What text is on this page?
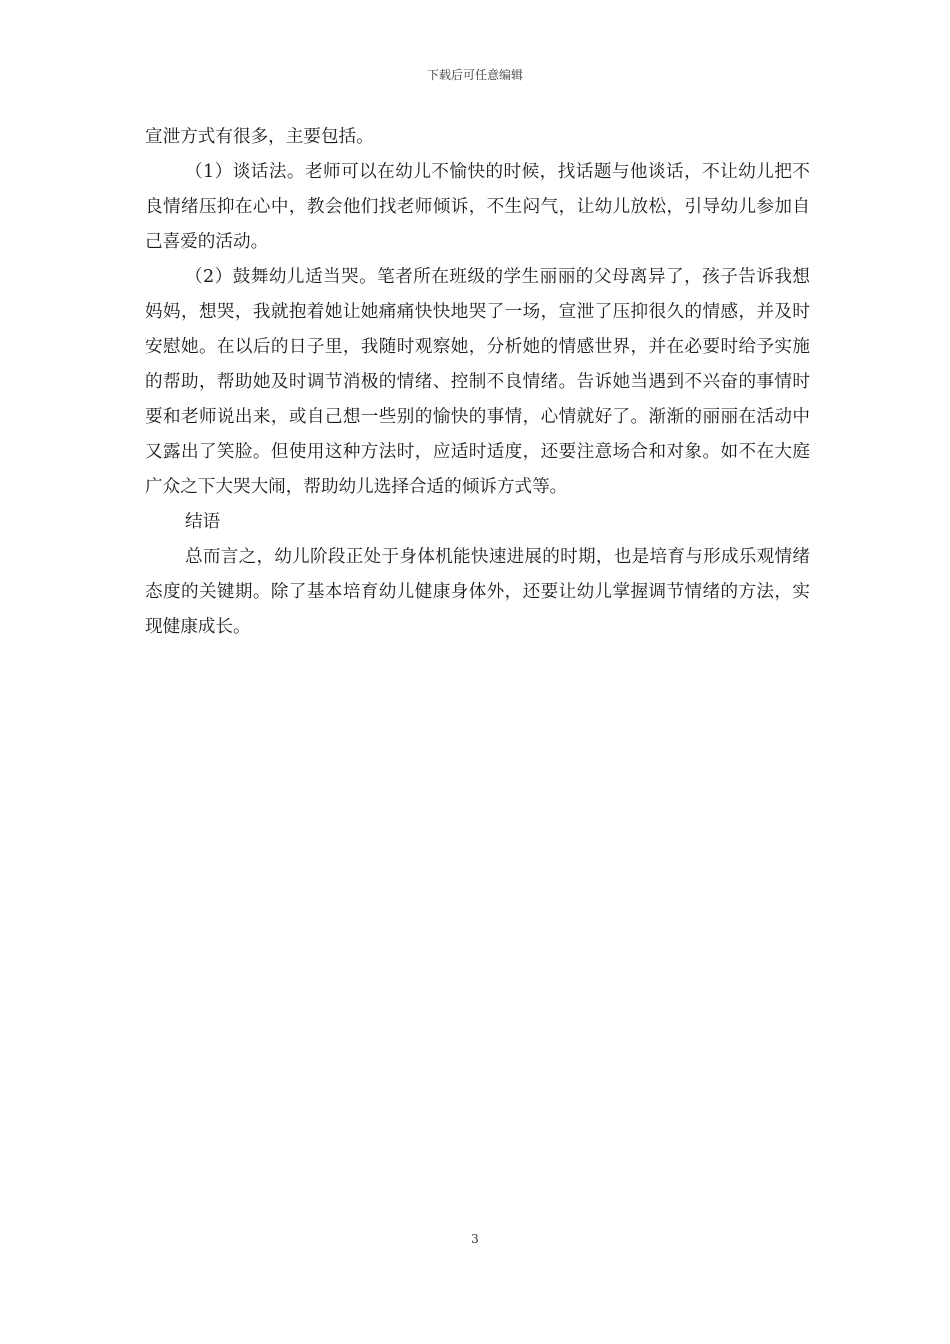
下载后可任意编辑

宣泄方式有很多，主要包括。

（1）谈话法。老师可以在幼儿不愉快的时候，找话题与他谈话，不让幼儿把不良情绪压抑在心中，教会他们找老师倾诉，不生闷气，让幼儿放松，引导幼儿参加自己喜爱的活动。

（2）鼓舞幼儿适当哭。笔者所在班级的学生丽丽的父母离异了，孩子告诉我想妈妈，想哭，我就抱着她让她痛痛快快地哭了一场，宣泄了压抑很久的情感，并及时安慰她。在以后的日子里，我随时观察她，分析她的情感世界，并在必要时给予实施的帮助，帮助她及时调节消极的情绪、控制不良情绪。告诉她当遇到不兴奋的事情时要和老师说出来，或自己想一些别的愉快的事情，心情就好了。渐渐的丽丽在活动中又露出了笑脸。但使用这种方法时，应适时适度，还要注意场合和对象。如不在大庭广众之下大哭大闹，帮助幼儿选择合适的倾诉方式等。

结语

总而言之，幼儿阶段正处于身体机能快速进展的时期，也是培育与形成乐观情绪态度的关键期。除了基本培育幼儿健康身体外，还要让幼儿掌握调节情绪的方法，实现健康成长。

3
